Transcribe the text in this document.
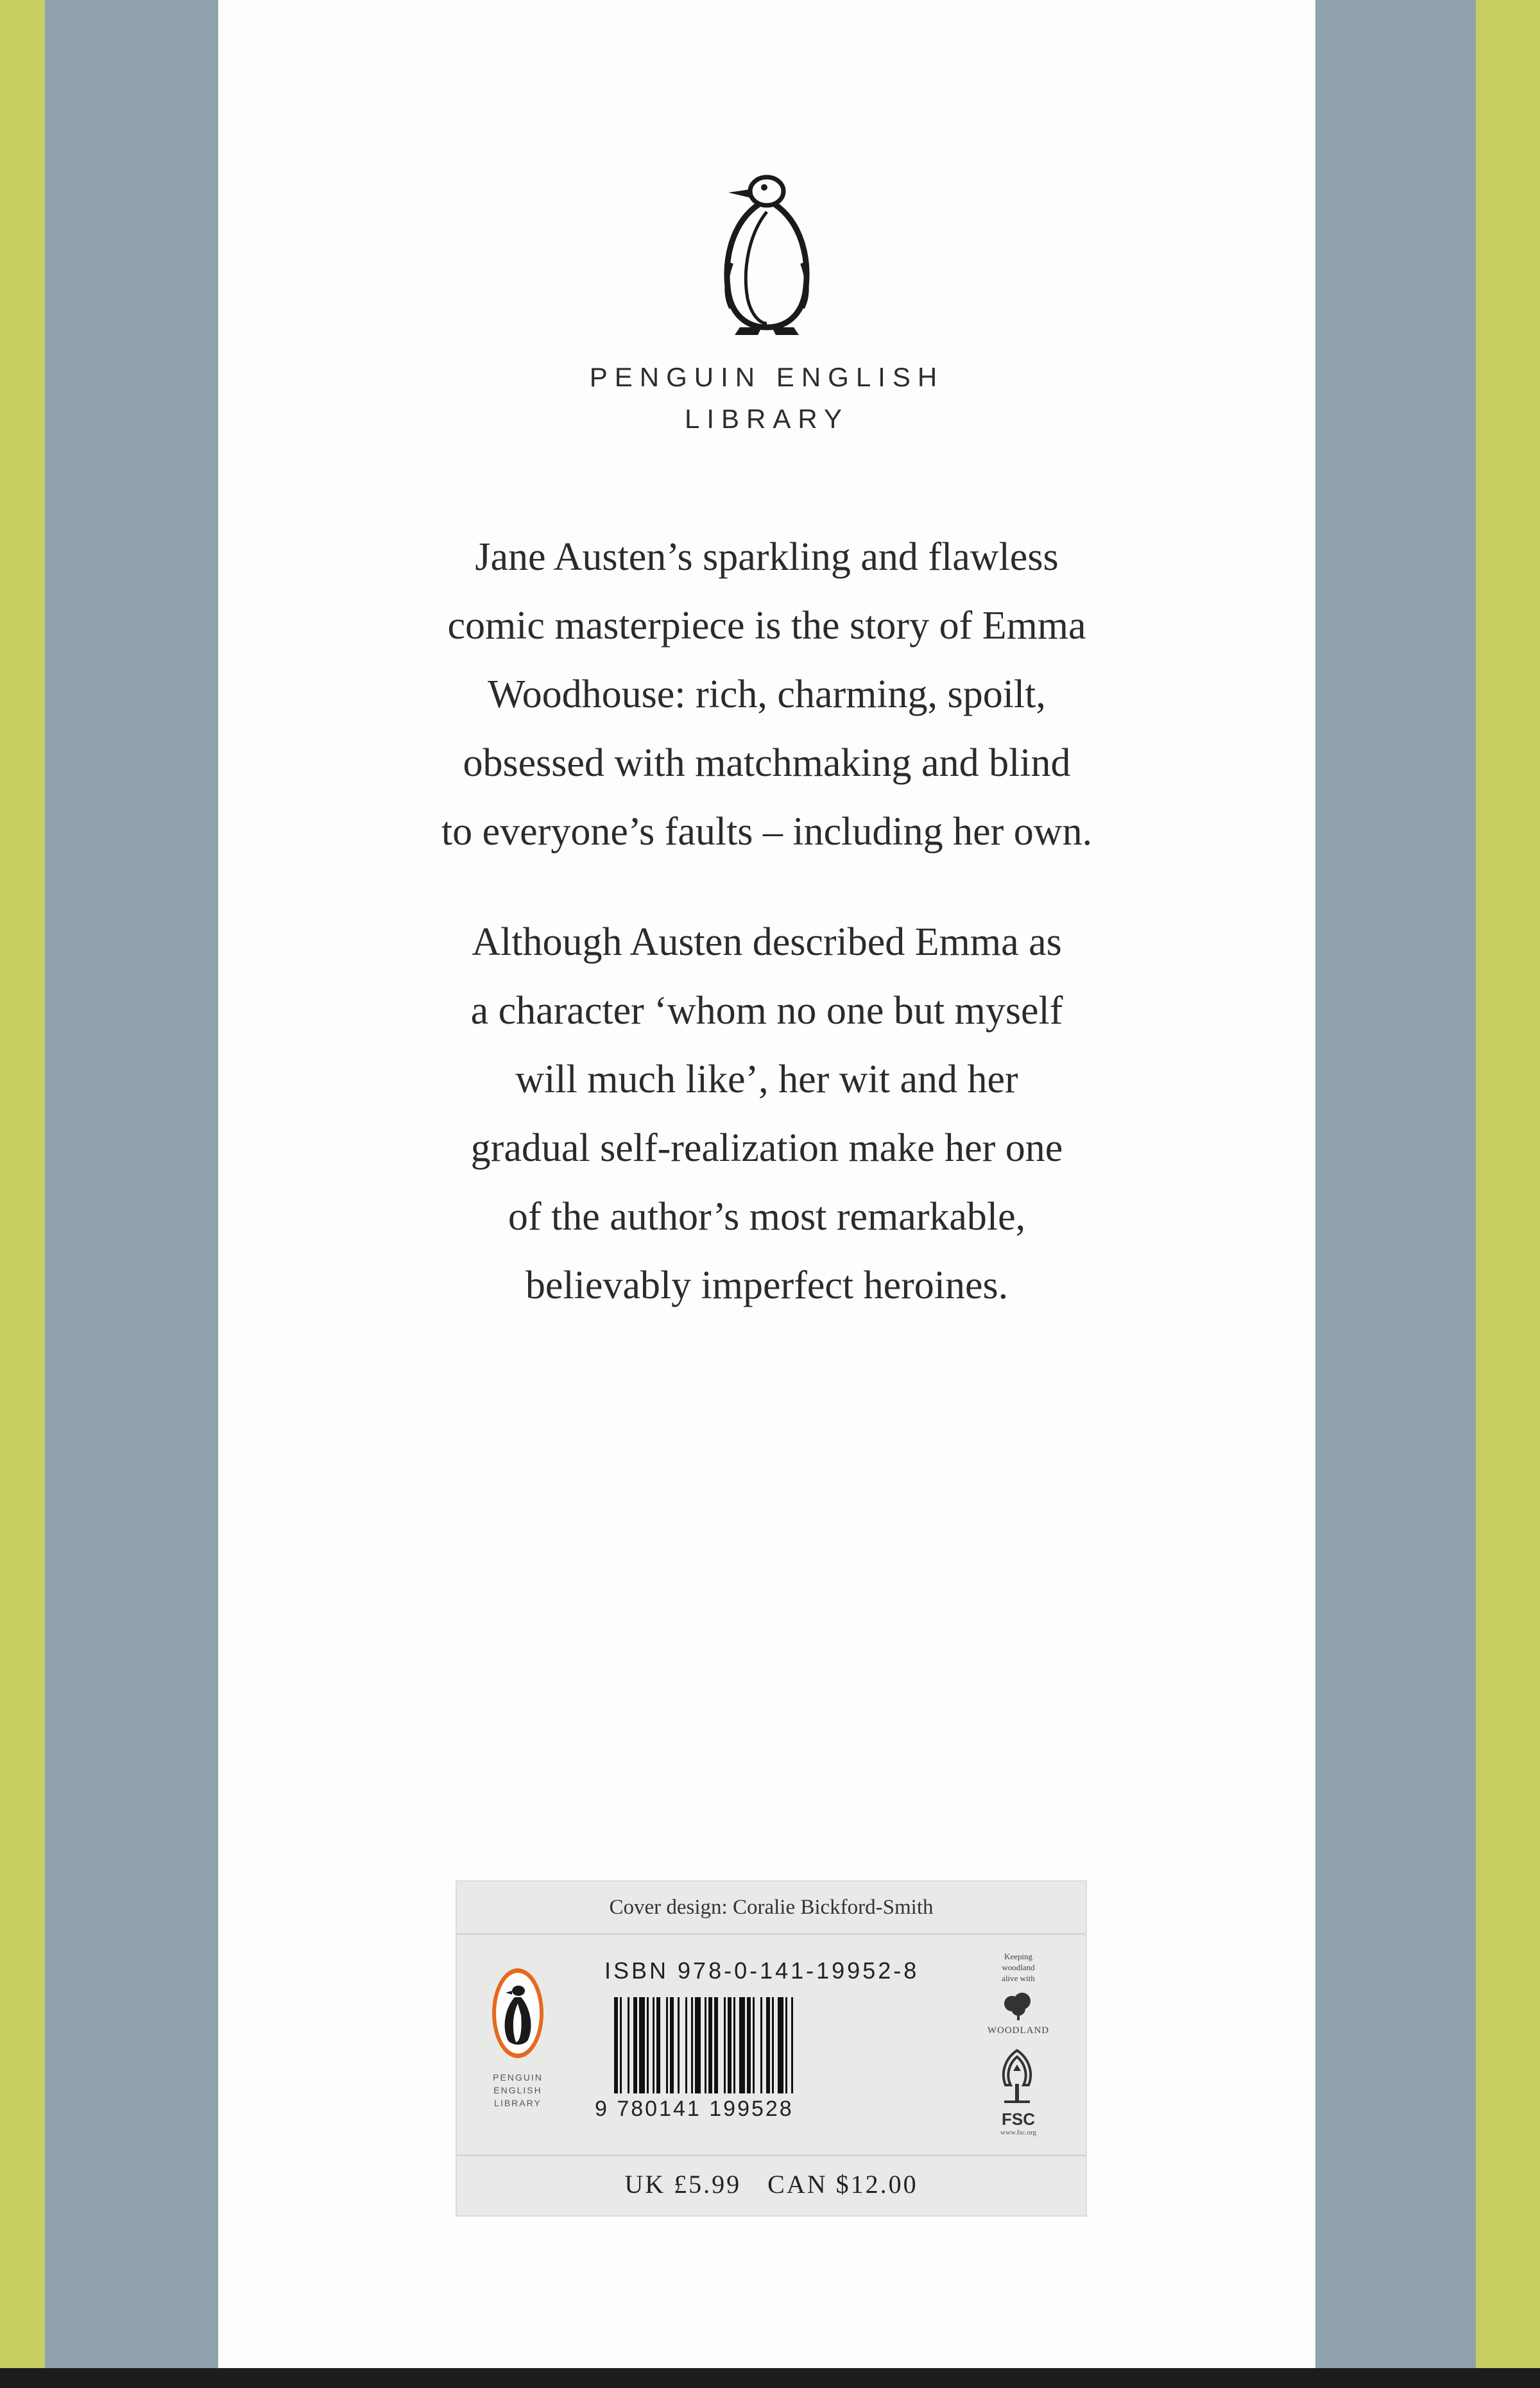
PENGUIN ENGLISH
LIBRARY
Jane Austen’s sparkling and flawless
comic masterpiece is the story of Emma
Woodhouse: rich, charming, spoilt,
obsessed with matchmaking and blind
to everyone’s faults – including her own.
Although Austen described Emma as
a character ‘whom no one but myself
will much like’, her wit and her
gradual self-realization make her one
of the author’s most remarkable,
believably imperfect heroines.
Cover design: Coralie Bickford-Smith
PENGUIN
ENGLISH
LIBRARY
ISBN 978-0-141-19952-8
9 780141 199528
Keeping
woodland
alive with
WOODLAND
FSC
www.fsc.org
UK £5.99 CAN $12.00
